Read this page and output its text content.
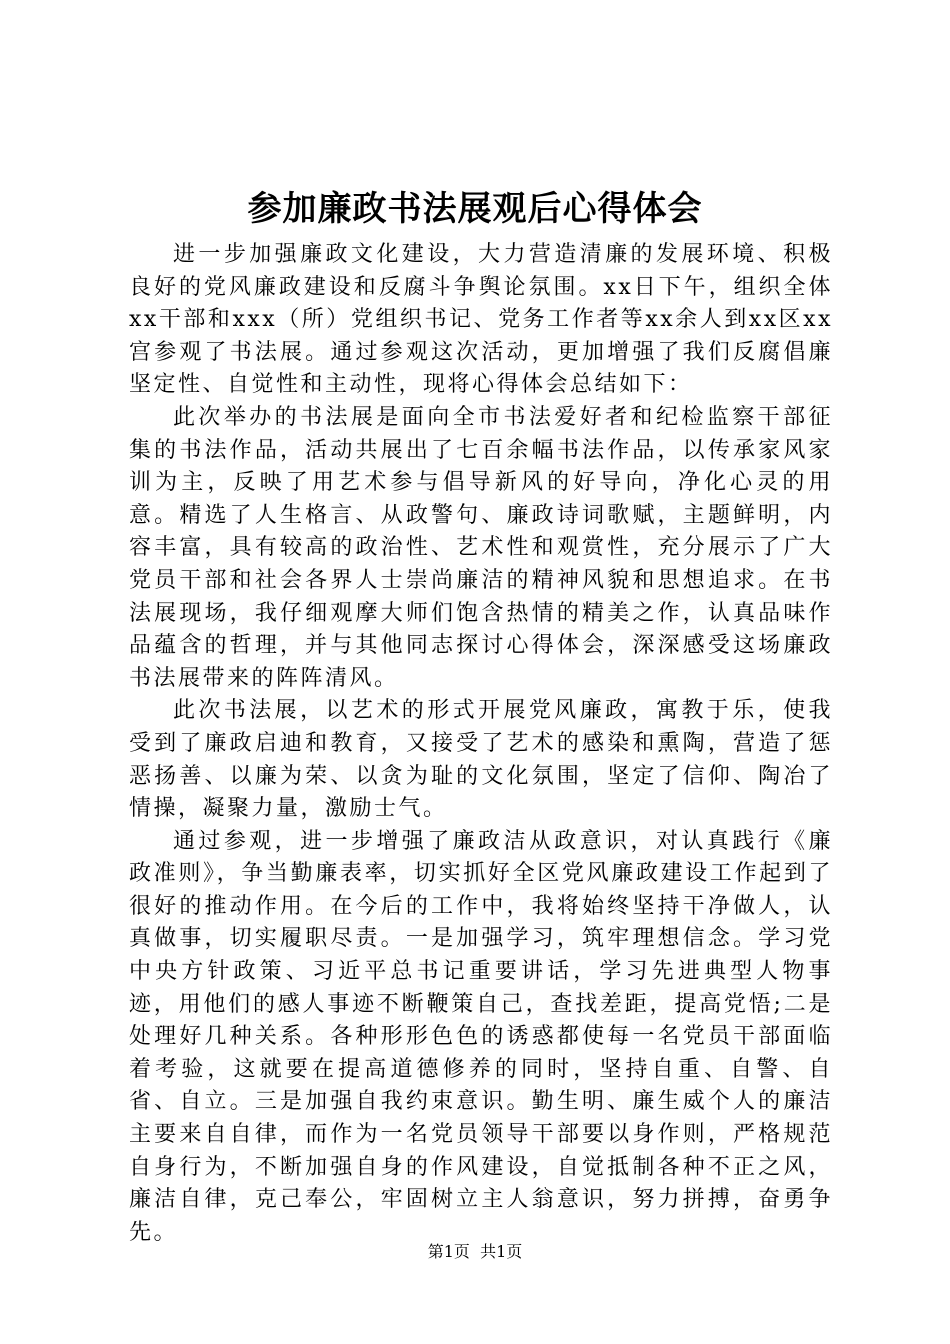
参加廉政书法展观后心得体会

进一步加强廉政文化建设，大力营造清廉的发展环境、积极良好的党风廉政建设和反腐斗争舆论氛围。xx日下午，组织全体xx干部和xxx（所）党组织书记、党务工作者等xx余人到xx区xx宫参观了书法展。通过参观这次活动，更加增强了我们反腐倡廉坚定性、自觉性和主动性，现将心得体会总结如下：

此次举办的书法展是面向全市书法爱好者和纪检监察干部征集的书法作品，活动共展出了七百余幅书法作品，以传承家风家训为主，反映了用艺术参与倡导新风的好导向，净化心灵的用意。精选了人生格言、从政警句、廉政诗词歌赋，主题鲜明，内容丰富，具有较高的政治性、艺术性和观赏性，充分展示了广大党员干部和社会各界人士崇尚廉洁的精神风貌和思想追求。在书法展现场，我仔细观摩大师们饱含热情的精美之作，认真品味作品蕴含的哲理，并与其他同志探讨心得体会，深深感受这场廉政书法展带来的阵阵清风。

此次书法展，以艺术的形式开展党风廉政，寓教于乐，使我受到了廉政启迪和教育，又接受了艺术的感染和熏陶，营造了惩恶扬善、以廉为荣、以贪为耻的文化氛围，坚定了信仰、陶冶了情操，凝聚力量，激励士气。

通过参观，进一步增强了廉政洁从政意识，对认真践行《廉政准则》，争当勤廉表率，切实抓好全区党风廉政建设工作起到了很好的推动作用。在今后的工作中，我将始终坚持干净做人，认真做事，切实履职尽责。一是加强学习，筑牢理想信念。学习党中央方针政策、习近平总书记重要讲话，学习先进典型人物事迹，用他们的感人事迹不断鞭策自己，查找差距，提高党悟;二是处理好几种关系。各种形形色色的诱惑都使每一名党员干部面临着考验，这就要在提高道德修养的同时，坚持自重、自警、自省、自立。三是加强自我约束意识。勤生明、廉生威个人的廉洁主要来自自律，而作为一名党员领导干部要以身作则，严格规范自身行为，不断加强自身的作风建设，自觉抵制各种不正之风，廉洁自律，克己奉公，牢固树立主人翁意识，努力拼搏，奋勇争先。

第1页  共1页
